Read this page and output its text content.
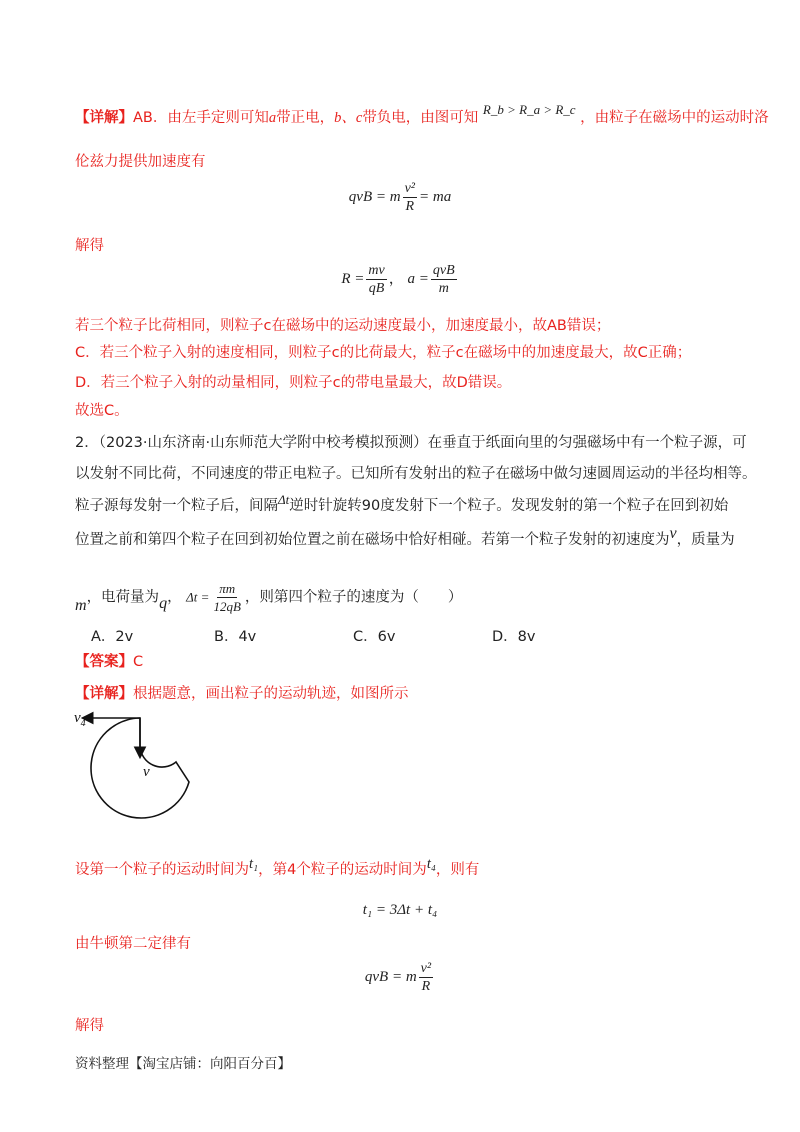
【详解】AB．由左手定则可知a带正电，b、c带负电，由图可知 R_b > R_a > R_c ，由粒子在磁场中的运动时洛
伦兹力提供加速度有
qvB = m $\frac{\text{v²}}{R}$ = ma
解得
$R = \frac{mv}{qB}$ ， $a = \frac{\text{qvB}}{m}$
若三个粒子比荷相同，则粒子c在磁场中的运动速度最小，加速度最小，故AB错误；
C．若三个粒子入射的速度相同，则粒子c的比荷最大，粒子c在磁场中的加速度最大，故C正确；
D．若三个粒子入射的动量相同，则粒子c的带电量最大，故D错误。
故选C。
2．（2023·山东济南·山东师范大学附中校考模拟预测）在垂直于纸面向里的匀强磁场中有一个粒子源，可
以发射不同比荷，不同速度的带正电粒子。已知所有发射出的粒子在磁场中做匀速圆周运动的半径均相等。
粒子源每发射一个粒子后，间隔Δt逆时针旋转90度发射下一个粒子。发现发射的第一个粒子在回到初始
位置之前和第四个粒子在回到初始位置之前在磁场中恰好相碰。若第一个粒子发射的初速度为v，质量为
m，电荷量为q， $\Delta t = \frac{\pi m}{12qB}$ ，则第四个粒子的速度为（　　）
A．2v	B．4v	C．6v	D．8v
【答案】C
【详解】根据题意，画出粒子的运动轨迹，如图所示
$v_4$
v
设第一个粒子的运动时间为t₁，第4个粒子的运动时间为t₄，则有
t₁ = 3Δt + t₄
由牛顿第二定律有
qvB = m $\frac{\text{v²}}{R}$
解得
资料整理【淘宝店铺：向阳百分百】
